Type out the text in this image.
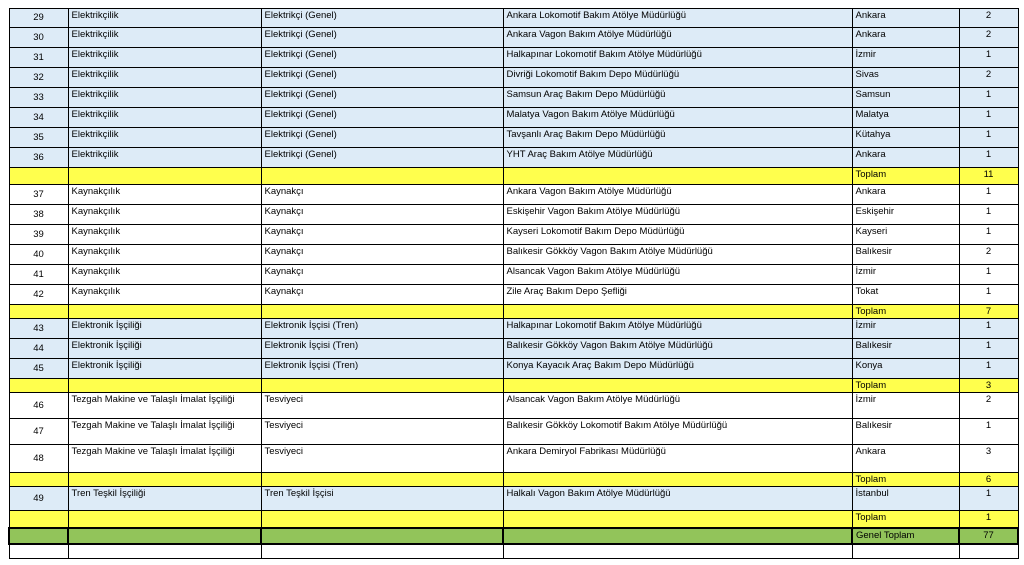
29	Elektrikçilik	Elektrikçi (Genel)	Ankara Lokomotif Bakım Atölye Müdürlüğü	Ankara	2
30	Elektrikçilik	Elektrikçi (Genel)	Ankara Vagon Bakım Atölye Müdürlüğü	Ankara	2
31	Elektrikçilik	Elektrikçi (Genel)	Halkapınar Lokomotif Bakım Atölye Müdürlüğü	İzmir	1
32	Elektrikçilik	Elektrikçi (Genel)	Divriği Lokomotif Bakım Depo Müdürlüğü	Sivas	2
33	Elektrikçilik	Elektrikçi (Genel)	Samsun Araç Bakım Depo Müdürlüğü	Samsun	1
34	Elektrikçilik	Elektrikçi (Genel)	Malatya Vagon Bakım Atölye Müdürlüğü	Malatya	1
35	Elektrikçilik	Elektrikçi (Genel)	Tavşanlı Araç Bakım Depo Müdürlüğü	Kütahya	1
36	Elektrikçilik	Elektrikçi (Genel)	YHT Araç Bakım Atölye Müdürlüğü	Ankara	1
				Toplam	11
37	Kaynakçılık	Kaynakçı	Ankara Vagon Bakım Atölye Müdürlüğü	Ankara	1
38	Kaynakçılık	Kaynakçı	Eskişehir Vagon Bakım Atölye Müdürlüğü	Eskişehir	1
39	Kaynakçılık	Kaynakçı	Kayseri Lokomotif Bakım Depo Müdürlüğü	Kayseri	1
40	Kaynakçılık	Kaynakçı	Balıkesir Gökköy Vagon Bakım Atölye Müdürlüğü	Balıkesir	2
41	Kaynakçılık	Kaynakçı	Alsancak Vagon Bakım Atölye Müdürlüğü	İzmir	1
42	Kaynakçılık	Kaynakçı	Zile Araç Bakım Depo Şefliği	Tokat	1
				Toplam	7
43	Elektronik İşçiliği	Elektronik İşçisi (Tren)	Halkapınar Lokomotif Bakım Atölye Müdürlüğü	İzmir	1
44	Elektronik İşçiliği	Elektronik İşçisi (Tren)	Balıkesir Gökköy Vagon Bakım Atölye Müdürlüğü	Balıkesir	1
45	Elektronik İşçiliği	Elektronik İşçisi (Tren)	Konya Kayacık Araç Bakım Depo Müdürlüğü	Konya	1
				Toplam	3
46	Tezgah Makine ve Talaşlı İmalat İşçiliği	Tesviyeci	Alsancak Vagon Bakım Atölye Müdürlüğü	İzmir	2
47	Tezgah Makine ve Talaşlı İmalat İşçiliği	Tesviyeci	Balıkesir Gökköy Lokomotif Bakım Atölye Müdürlüğü	Balıkesir	1
48	Tezgah Makine ve Talaşlı İmalat İşçiliği	Tesviyeci	Ankara Demiryol Fabrikası Müdürlüğü	Ankara	3
				Toplam	6
49	Tren Teşkil İşçiliği	Tren Teşkil İşçisi	Halkalı Vagon Bakım Atölye Müdürlüğü	İstanbul	1
				Toplam	1
				Genel Toplam	77
